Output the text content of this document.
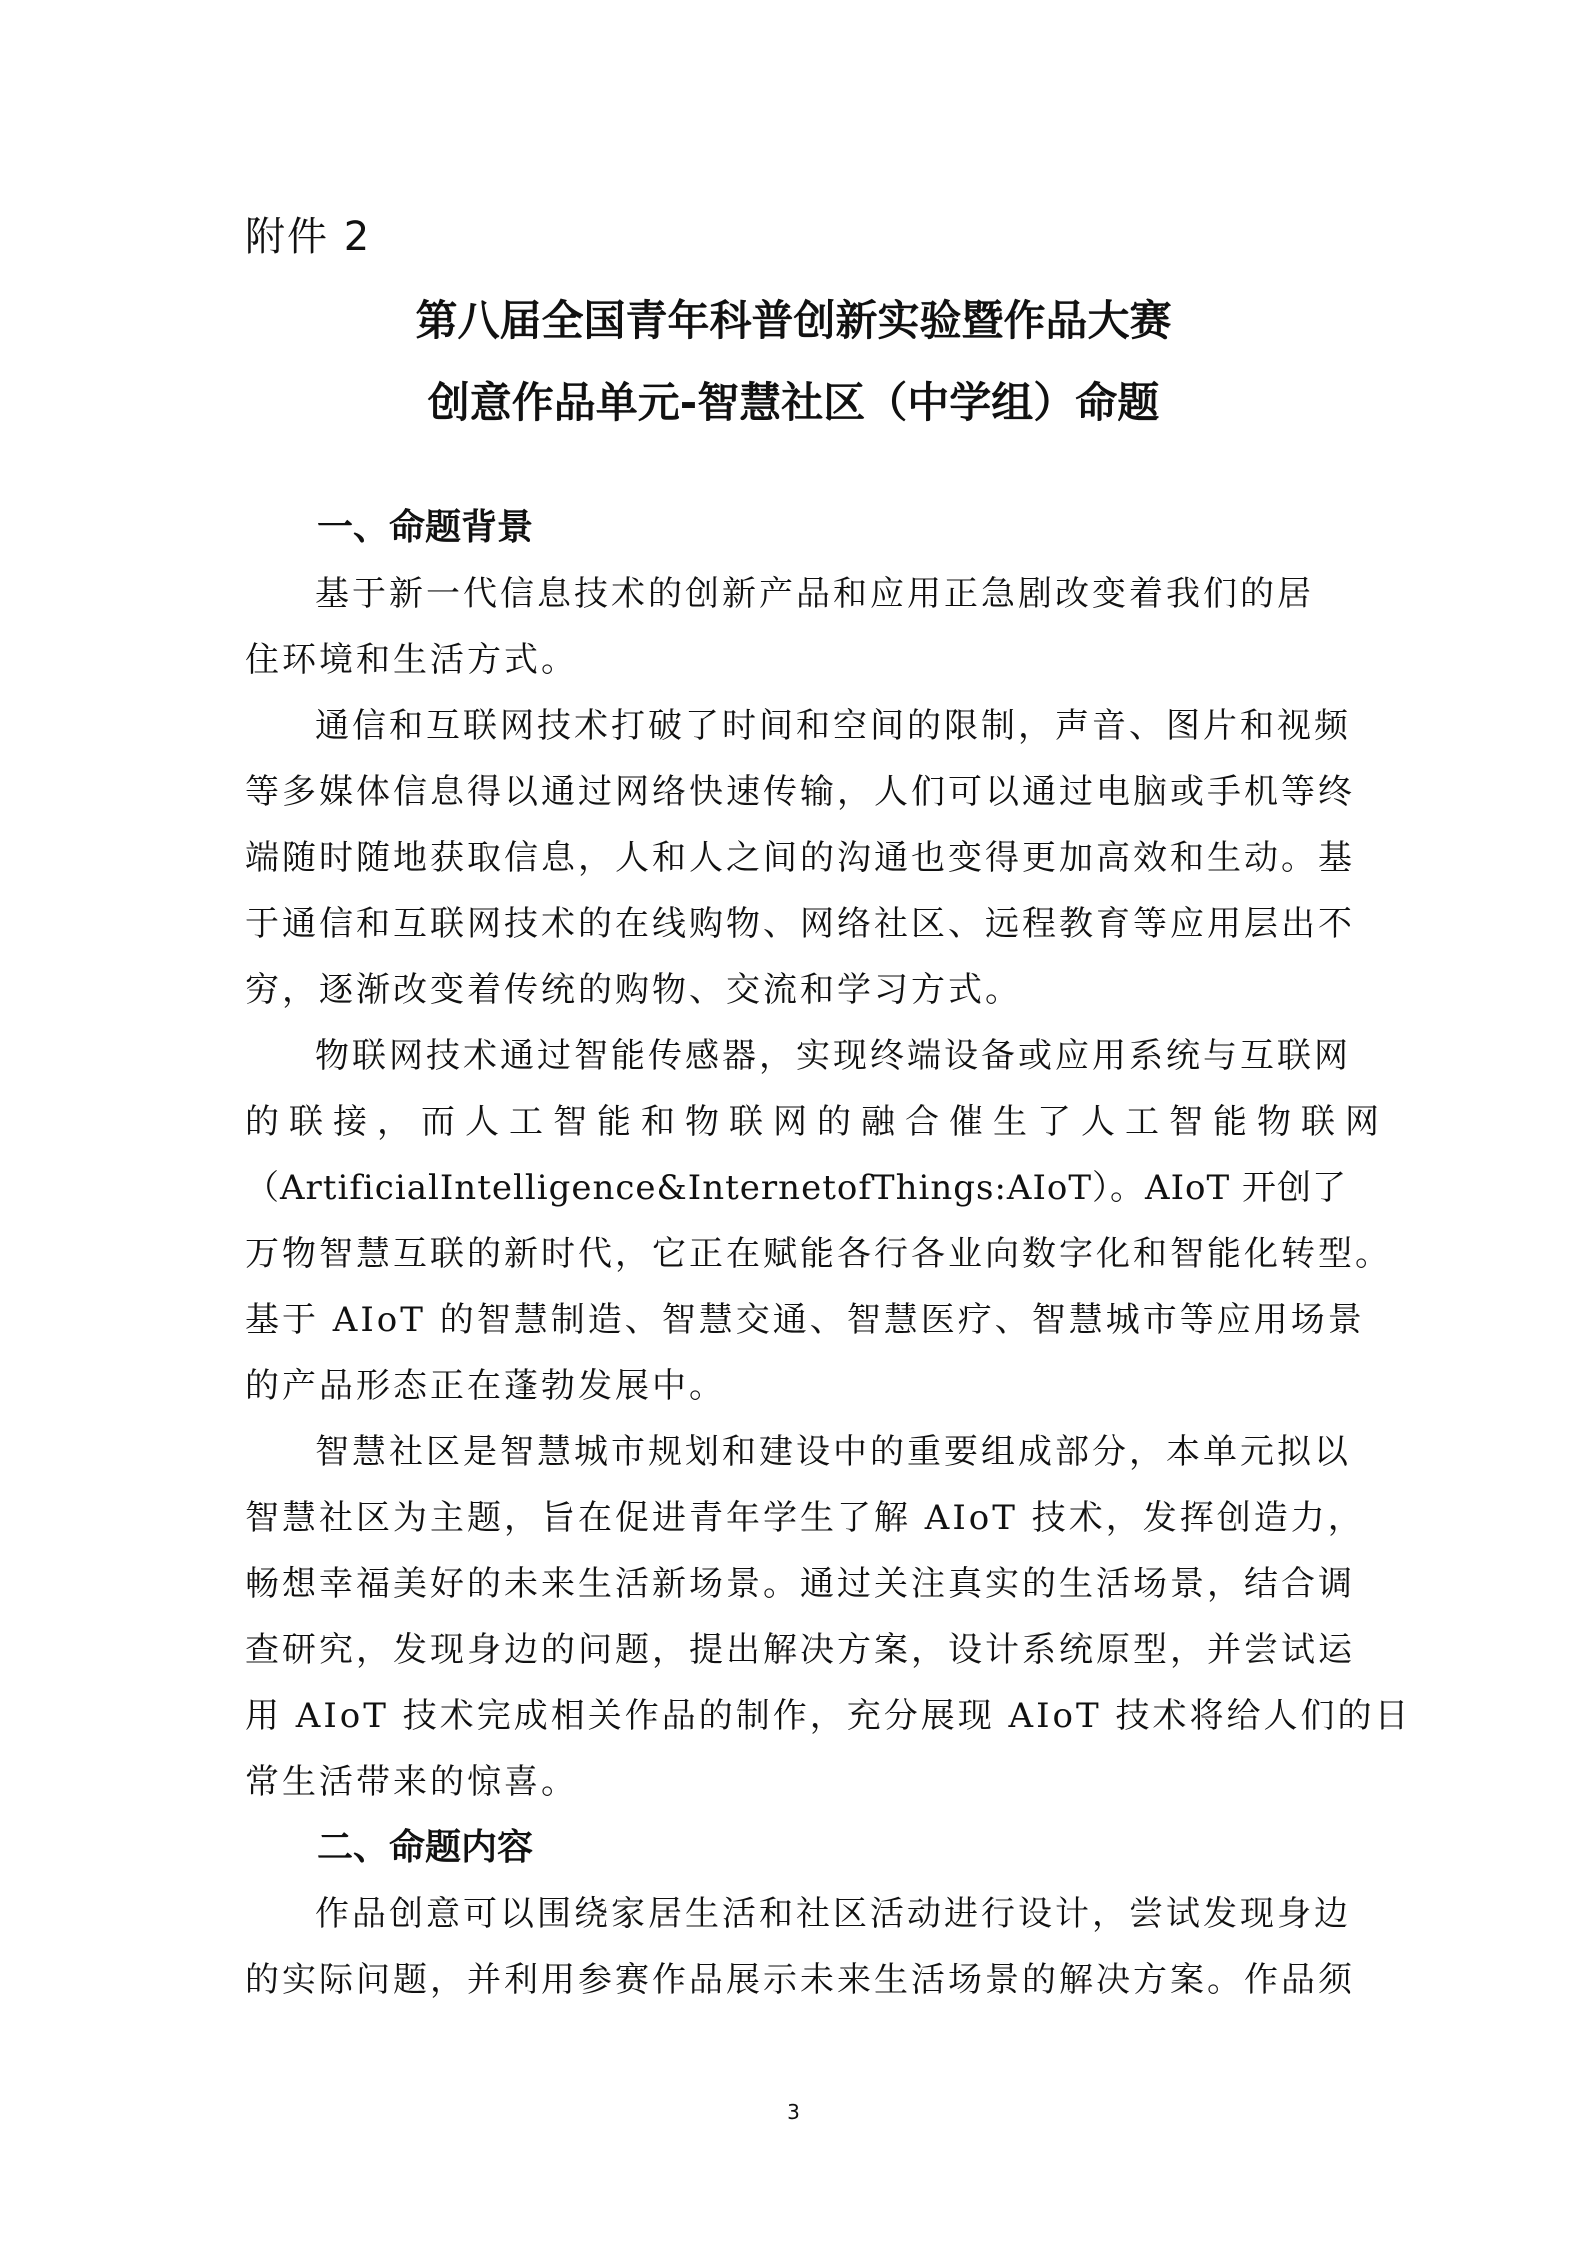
附件 2
第八届全国青年科普创新实验暨作品大赛
创意作品单元-智慧社区（中学组）命题
一、命题背景

基于新一代信息技术的创新产品和应用正急剧改变着我们的居

住环境和生活方式。

通信和互联网技术打破了时间和空间的限制，声音、图片和视频

等多媒体信息得以通过网络快速传输，人们可以通过电脑或手机等终

端随时随地获取信息，人和人之间的沟通也变得更加高效和生动。基

于通信和互联网技术的在线购物、网络社区、远程教育等应用层出不

穷，逐渐改变着传统的购物、交流和学习方式。

物联网技术通过智能传感器，实现终端设备或应用系统与互联网

的联接，而人工智能和物联网的融合催生了人工智能物联网

（ArtificialIntelligence&InternetofThings:AIoT）。AIoT 开创了

万物智慧互联的新时代，它正在赋能各行各业向数字化和智能化转型。

基于 AIoT 的智慧制造、智慧交通、智慧医疗、智慧城市等应用场景

的产品形态正在蓬勃发展中。

智慧社区是智慧城市规划和建设中的重要组成部分，本单元拟以

智慧社区为主题，旨在促进青年学生了解 AIoT 技术，发挥创造力，

畅想幸福美好的未来生活新场景。通过关注真实的生活场景，结合调

查研究，发现身边的问题，提出解决方案，设计系统原型，并尝试运

用 AIoT 技术完成相关作品的制作，充分展现 AIoT 技术将给人们的日

常生活带来的惊喜。

二、命题内容

作品创意可以围绕家居生活和社区活动进行设计，尝试发现身边

的实际问题，并利用参赛作品展示未来生活场景的解决方案。作品须

3
